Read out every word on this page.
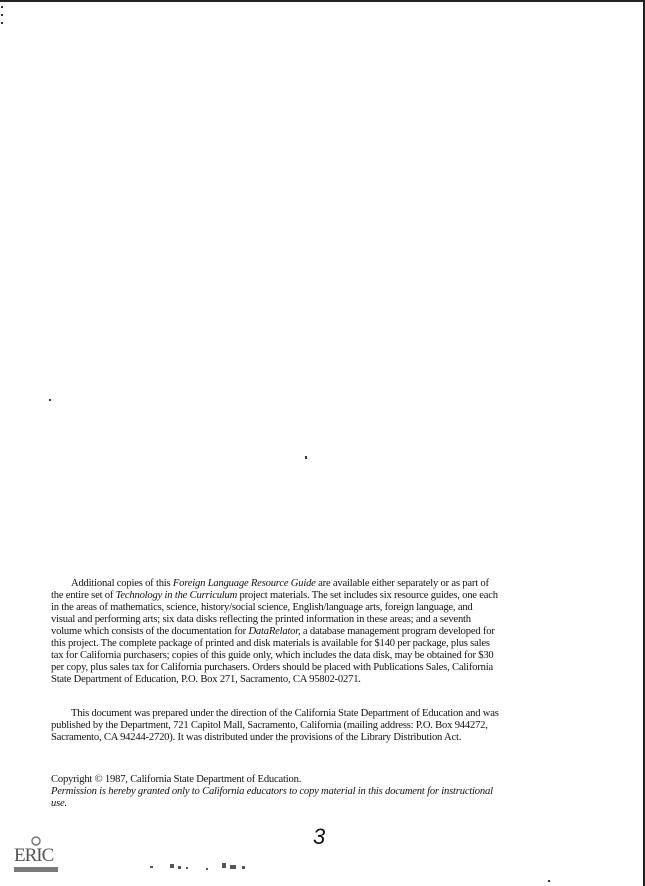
Additional copies of this Foreign Language Resource Guide are available either separately or as part of
the entire set of Technology in the Curriculum project materials. The set includes six resource guides, one each
in the areas of mathematics, science, history/social science, English/language arts, foreign language, and
visual and performing arts; six data disks reflecting the printed information in these areas; and a seventh
volume which consists of the documentation for DataRelator, a database management program developed for
this project. The complete package of printed and disk materials is available for $140 per package, plus sales
tax for California purchasers; copies of this guide only, which includes the data disk, may be obtained for $30
per copy, plus sales tax for California purchasers. Orders should be placed with Publications Sales, California
State Department of Education, P.O. Box 271, Sacramento, CA 95802-0271.
This document was prepared under the direction of the California State Department of Education and was
published by the Department, 721 Capitol Mall, Sacramento, California (mailing address: P.O. Box 944272,
Sacramento, CA 94244-2720). It was distributed under the provisions of the Library Distribution Act.
Copyright © 1987, California State Department of Education.
Permission is hereby granted only to California educators to copy material in this document for instructional
use.
3
ERIC
